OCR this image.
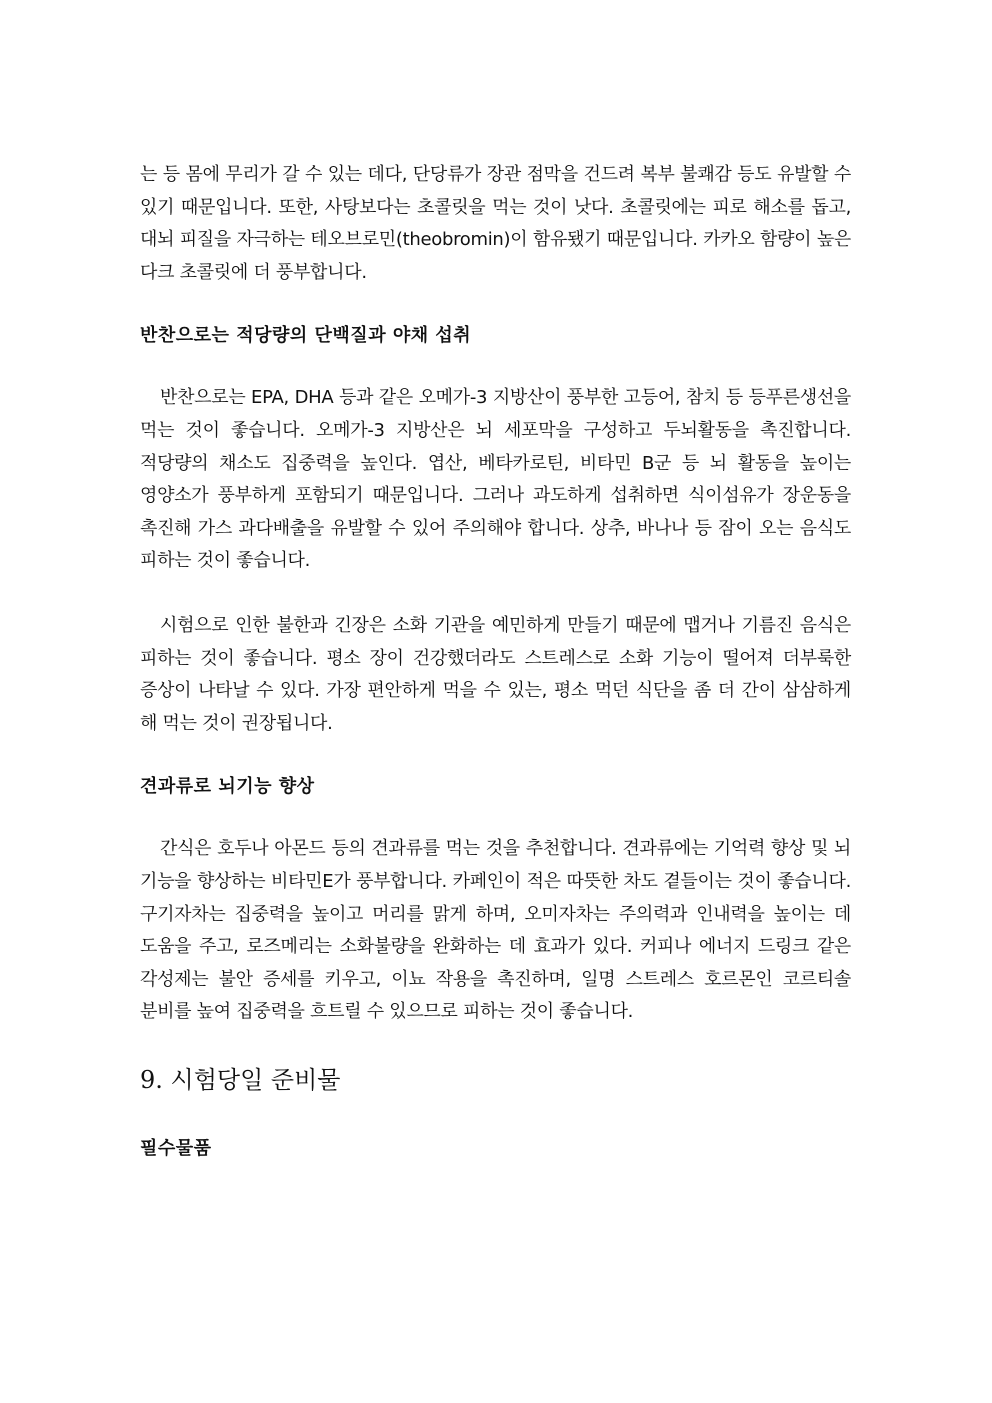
는 등 몸에 무리가 갈 수 있는 데다, 단당류가 장관 점막을 건드려 복부 불쾌감 등도 유발할 수 있기 때문입니다. 또한, 사탕보다는 초콜릿을 먹는 것이 낫다. 초콜릿에는 피로 해소를 돕고, 대뇌 피질을 자극하는 테오브로민(theobromin)이 함유됐기 때문입니다. 카카오 함량이 높은 다크 초콜릿에 더 풍부합니다.

반찬으로는 적당량의 단백질과 야채 섭취

반찬으로는 EPA, DHA 등과 같은 오메가-3 지방산이 풍부한 고등어, 참치 등 등푸른생선을 먹는 것이 좋습니다. 오메가-3 지방산은 뇌 세포막을 구성하고 두뇌활동을 촉진합니다. 적당량의 채소도 집중력을 높인다. 엽산, 베타카로틴, 비타민 B군 등 뇌 활동을 높이는 영양소가 풍부하게 포함되기 때문입니다. 그러나 과도하게 섭취하면 식이섬유가 장운동을 촉진해 가스 과다배출을 유발할 수 있어 주의해야 합니다. 상추, 바나나 등 잠이 오는 음식도 피하는 것이 좋습니다.

시험으로 인한 불한과 긴장은 소화 기관을 예민하게 만들기 때문에 맵거나 기름진 음식은 피하는 것이 좋습니다. 평소 장이 건강했더라도 스트레스로 소화 기능이 떨어져 더부룩한 증상이 나타날 수 있다. 가장 편안하게 먹을 수 있는, 평소 먹던 식단을 좀 더 간이 삼삼하게 해 먹는 것이 권장됩니다.

견과류로 뇌기능 향상

간식은 호두나 아몬드 등의 견과류를 먹는 것을 추천합니다. 견과류에는 기억력 향상 및 뇌 기능을 향상하는 비타민E가 풍부합니다. 카페인이 적은 따뜻한 차도 곁들이는 것이 좋습니다. 구기자차는 집중력을 높이고 머리를 맑게 하며, 오미자차는 주의력과 인내력을 높이는 데 도움을 주고, 로즈메리는 소화불량을 완화하는 데 효과가 있다. 커피나 에너지 드링크 같은 각성제는 불안 증세를 키우고, 이뇨 작용을 촉진하며, 일명 스트레스 호르몬인 코르티솔 분비를 높여 집중력을 흐트릴 수 있으므로 피하는 것이 좋습니다.

9. 시험당일 준비물
필수물품
